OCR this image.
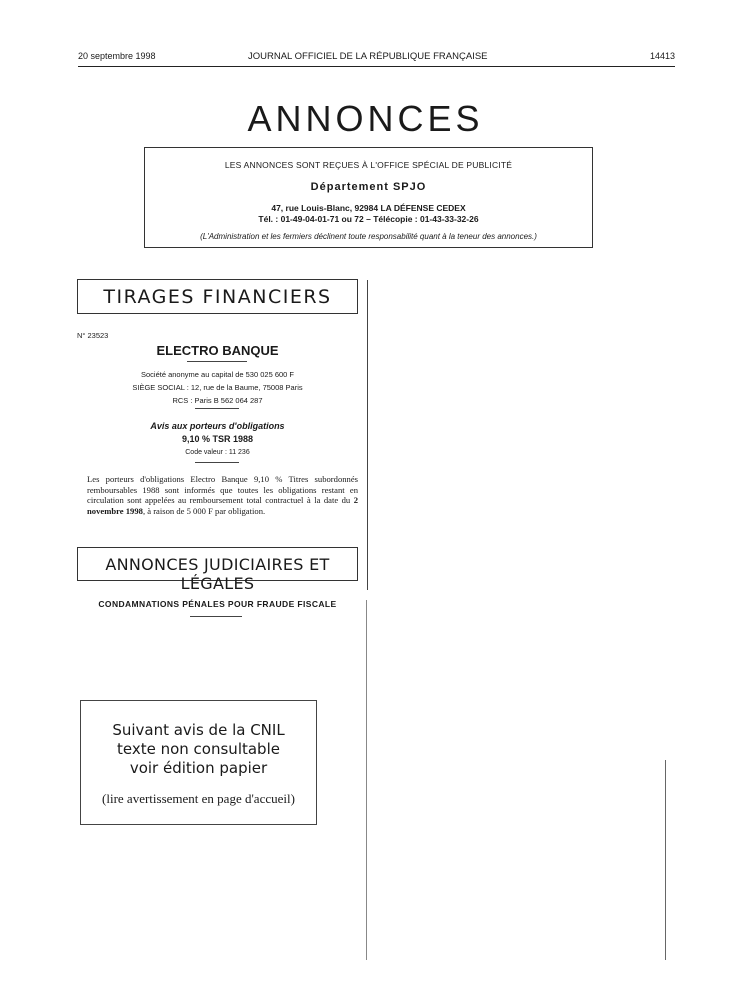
20 septembre 1998	JOURNAL OFFICIEL DE LA RÉPUBLIQUE FRANÇAISE	14413
ANNONCES
LES ANNONCES SONT REÇUES À L'OFFICE SPÉCIAL DE PUBLICITÉ
Département SPJO
47, rue Louis-Blanc, 92984 LA DÉFENSE CEDEX
Tél. : 01-49-04-01-71 ou 72 – Télécopie : 01-43-33-32-26
(L'Administration et les fermiers déclinent toute responsabilité quant à la teneur des annonces.)
TIRAGES FINANCIERS
N° 23523
ELECTRO BANQUE
Société anonyme au capital de 530 025 600 F
SIÈGE SOCIAL : 12, rue de la Baume, 75008 Paris
RCS : Paris B 562 064 287
Avis aux porteurs d'obligations
9,10 % TSR 1988
Code valeur : 11 236
Les porteurs d'obligations Electro Banque 9,10 % Titres subordonnés remboursables 1988 sont informés que toutes les obligations restant en circulation sont appelées au remboursement total contractuel à la date du 2 novembre 1998, à raison de 5 000 F par obligation.
ANNONCES JUDICIAIRES ET LÉGALES
CONDAMNATIONS PÉNALES POUR FRAUDE FISCALE
Suivant avis de la CNIL
texte non consultable
voir édition papier
(lire avertissement en page d'accueil)
